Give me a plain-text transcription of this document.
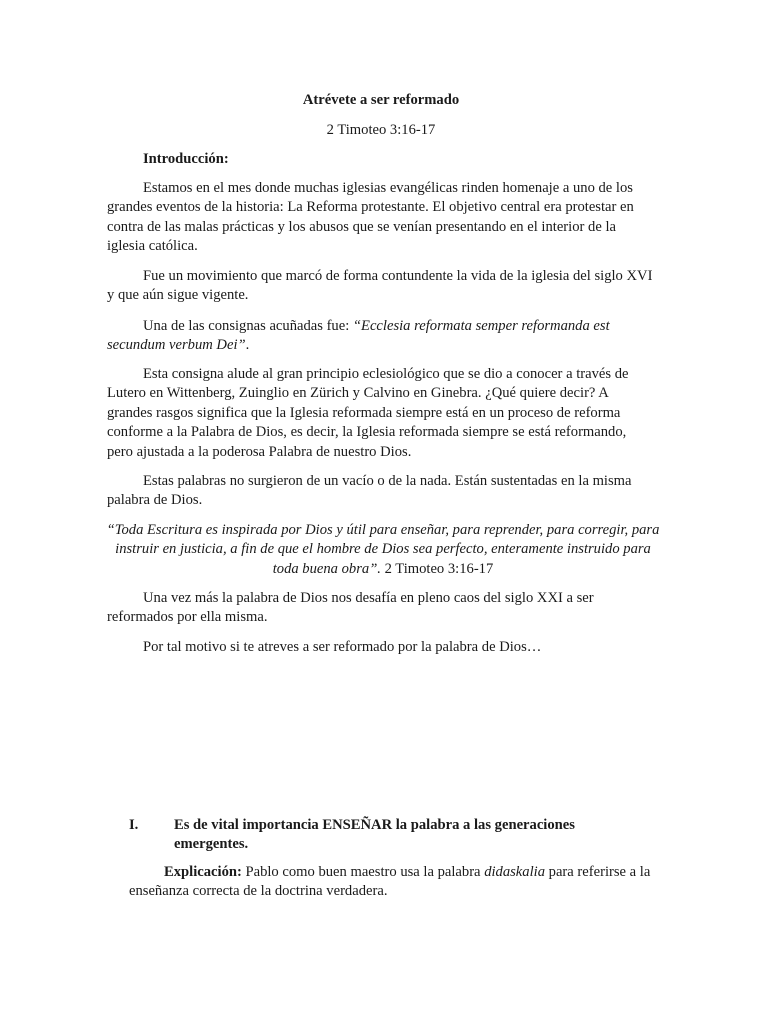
Atrévete a ser reformado

2 Timoteo 3:16-17

Introducción:

Estamos en el mes donde muchas iglesias evangélicas rinden homenaje a uno de los grandes eventos de la historia: La Reforma protestante. El objetivo central era protestar en contra de las malas prácticas y los abusos que se venían presentando en el interior de la iglesia católica.

Fue un movimiento que marcó de forma contundente la vida de la iglesia del siglo XVI y que aún sigue vigente.

Una de las consignas acuñadas fue: “Ecclesia reformata semper reformanda est secundum verbum Dei”.

Esta consigna alude al gran principio eclesiológico que se dio a conocer a través de Lutero en Wittenberg, Zuinglio en Zürich y Calvino en Ginebra. ¿Qué quiere decir? A grandes rasgos significa que la Iglesia reformada siempre está en un proceso de reforma conforme a la Palabra de Dios, es decir, la Iglesia reformada siempre se está reformando, pero ajustada a la poderosa Palabra de nuestro Dios.

Estas palabras no surgieron de un vacío o de la nada. Están sustentadas en la misma palabra de Dios.

“Toda Escritura es inspirada por Dios y útil para enseñar, para reprender, para corregir, para instruir en justicia, a fin de que el hombre de Dios sea perfecto, enteramente instruido para toda buena obra”. 2 Timoteo 3:16-17

Una vez más la palabra de Dios nos desafía en pleno caos del siglo XXI a ser reformados por ella misma.

Por tal motivo si te atreves a ser reformado por la palabra de Dios…

I. Es de vital importancia ENSEÑAR la palabra a las generaciones emergentes.

Explicación: Pablo como buen maestro usa la palabra didaskalia para referirse a la enseñanza correcta de la doctrina verdadera.
